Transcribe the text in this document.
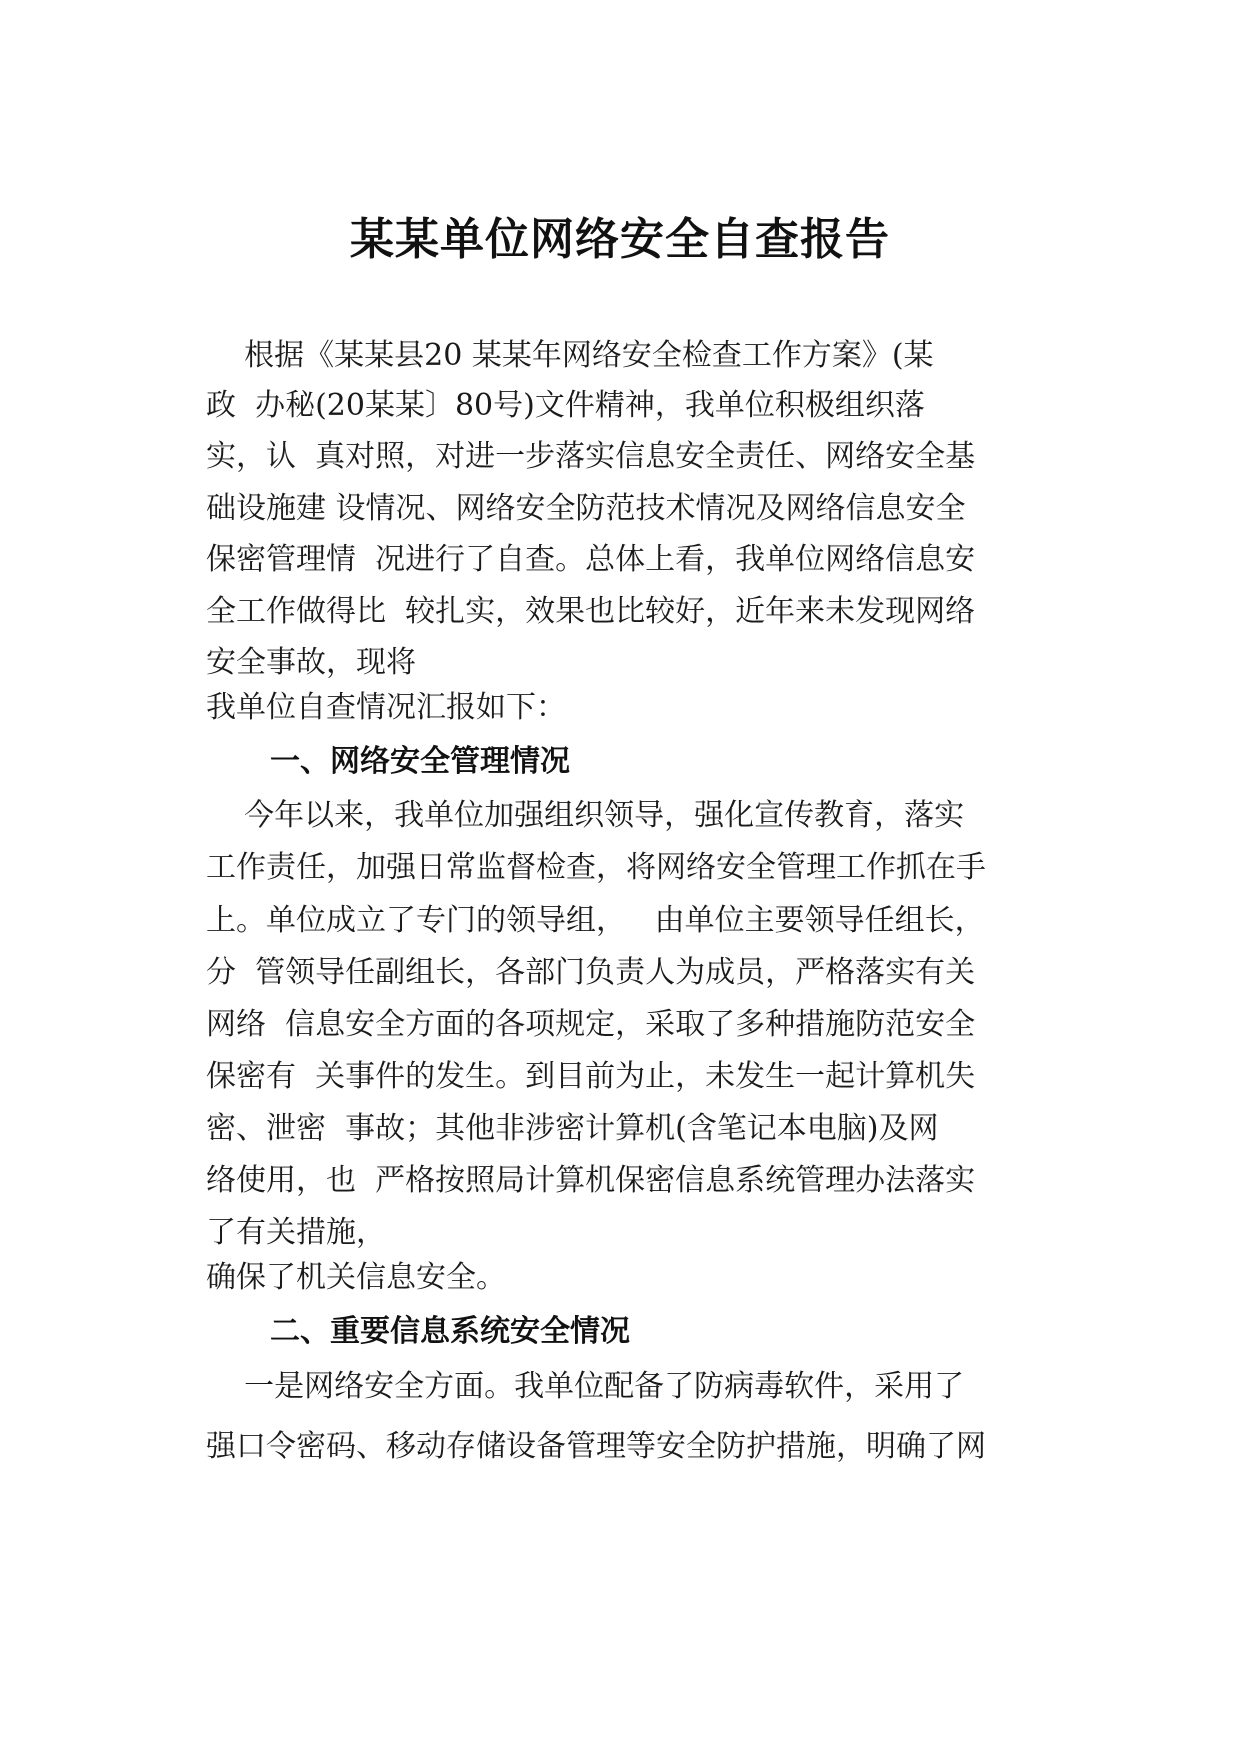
某某单位网络安全自查报告
根据《某某县20 某某年网络安全检查工作方案》(某
政  办秘(20某某〕80号)文件精神，我单位积极组织落
实，认  真对照，对进一步落实信息安全责任、网络安全基
础设施建 设情况、网络安全防范技术情况及网络信息安全
保密管理情  况进行了自查。总体上看，我单位网络信息安
全工作做得比  较扎实，效果也比较好，近年来未发现网络
安全事故，现将
我单位自查情况汇报如下：
一、网络安全管理情况
今年以来，我单位加强组织领导，强化宣传教育，落实
工作责任，加强日常监督检查，将网络安全管理工作抓在手
上。单位成立了专门的领导组，   由单位主要领导任组长，
分  管领导任副组长，各部门负责人为成员，严格落实有关
网络  信息安全方面的各项规定，采取了多种措施防范安全
保密有  关事件的发生。到目前为止，未发生一起计算机失
密、泄密  事故；其他非涉密计算机(含笔记本电脑)及网
络使用，也  严格按照局计算机保密信息系统管理办法落实
了有关措施，
确保了机关信息安全。
二、重要信息系统安全情况
一是网络安全方面。我单位配备了防病毒软件，采用了
强口令密码、移动存储设备管理等安全防护措施，明确了网
